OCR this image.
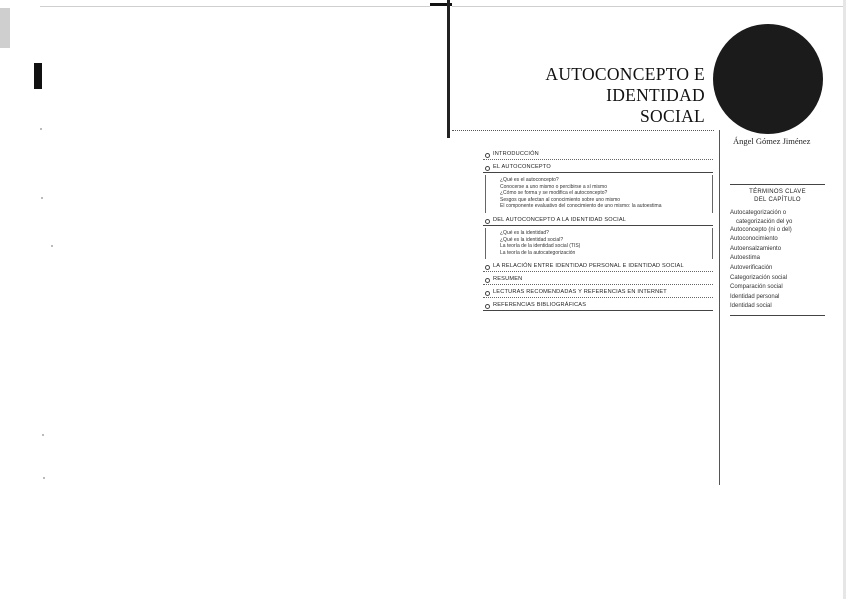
AUTOCONCEPTO E
IDENTIDAD SOCIAL
Ángel Gómez Jiménez
INTRODUCCIÓN
EL AUTOCONCEPTO
¿Qué es el autoconcepto?
Conocerse a uno mismo o percibirse a sí mismo
¿Cómo se forma y se modifica el autoconcepto?
Sesgos que afectan al conocimiento sobre uno mismo
El componente evaluativo del conocimiento de uno mismo: la autoestima
DEL AUTOCONCEPTO A LA IDENTIDAD SOCIAL
¿Qué es la identidad?
¿Qué es la identidad social?
La teoría de la identidad social (TIS)
La teoría de la autocategorización
LA RELACIÓN ENTRE IDENTIDAD PERSONAL E IDENTIDAD SOCIAL
RESUMEN
LECTURAS RECOMENDADAS Y REFERENCIAS EN INTERNET
REFERENCIAS BIBLIOGRÁFICAS
TÉRMINOS CLAVE
DEL CAPÍTULO
Autocategorización o
categorización del yo
Autoconcepto (ni o del)
Autoconocimiento
Autoensalzamiento
Autoestima
Autoverificación
Categorización social
Comparación social
Identidad personal
Identidad social
